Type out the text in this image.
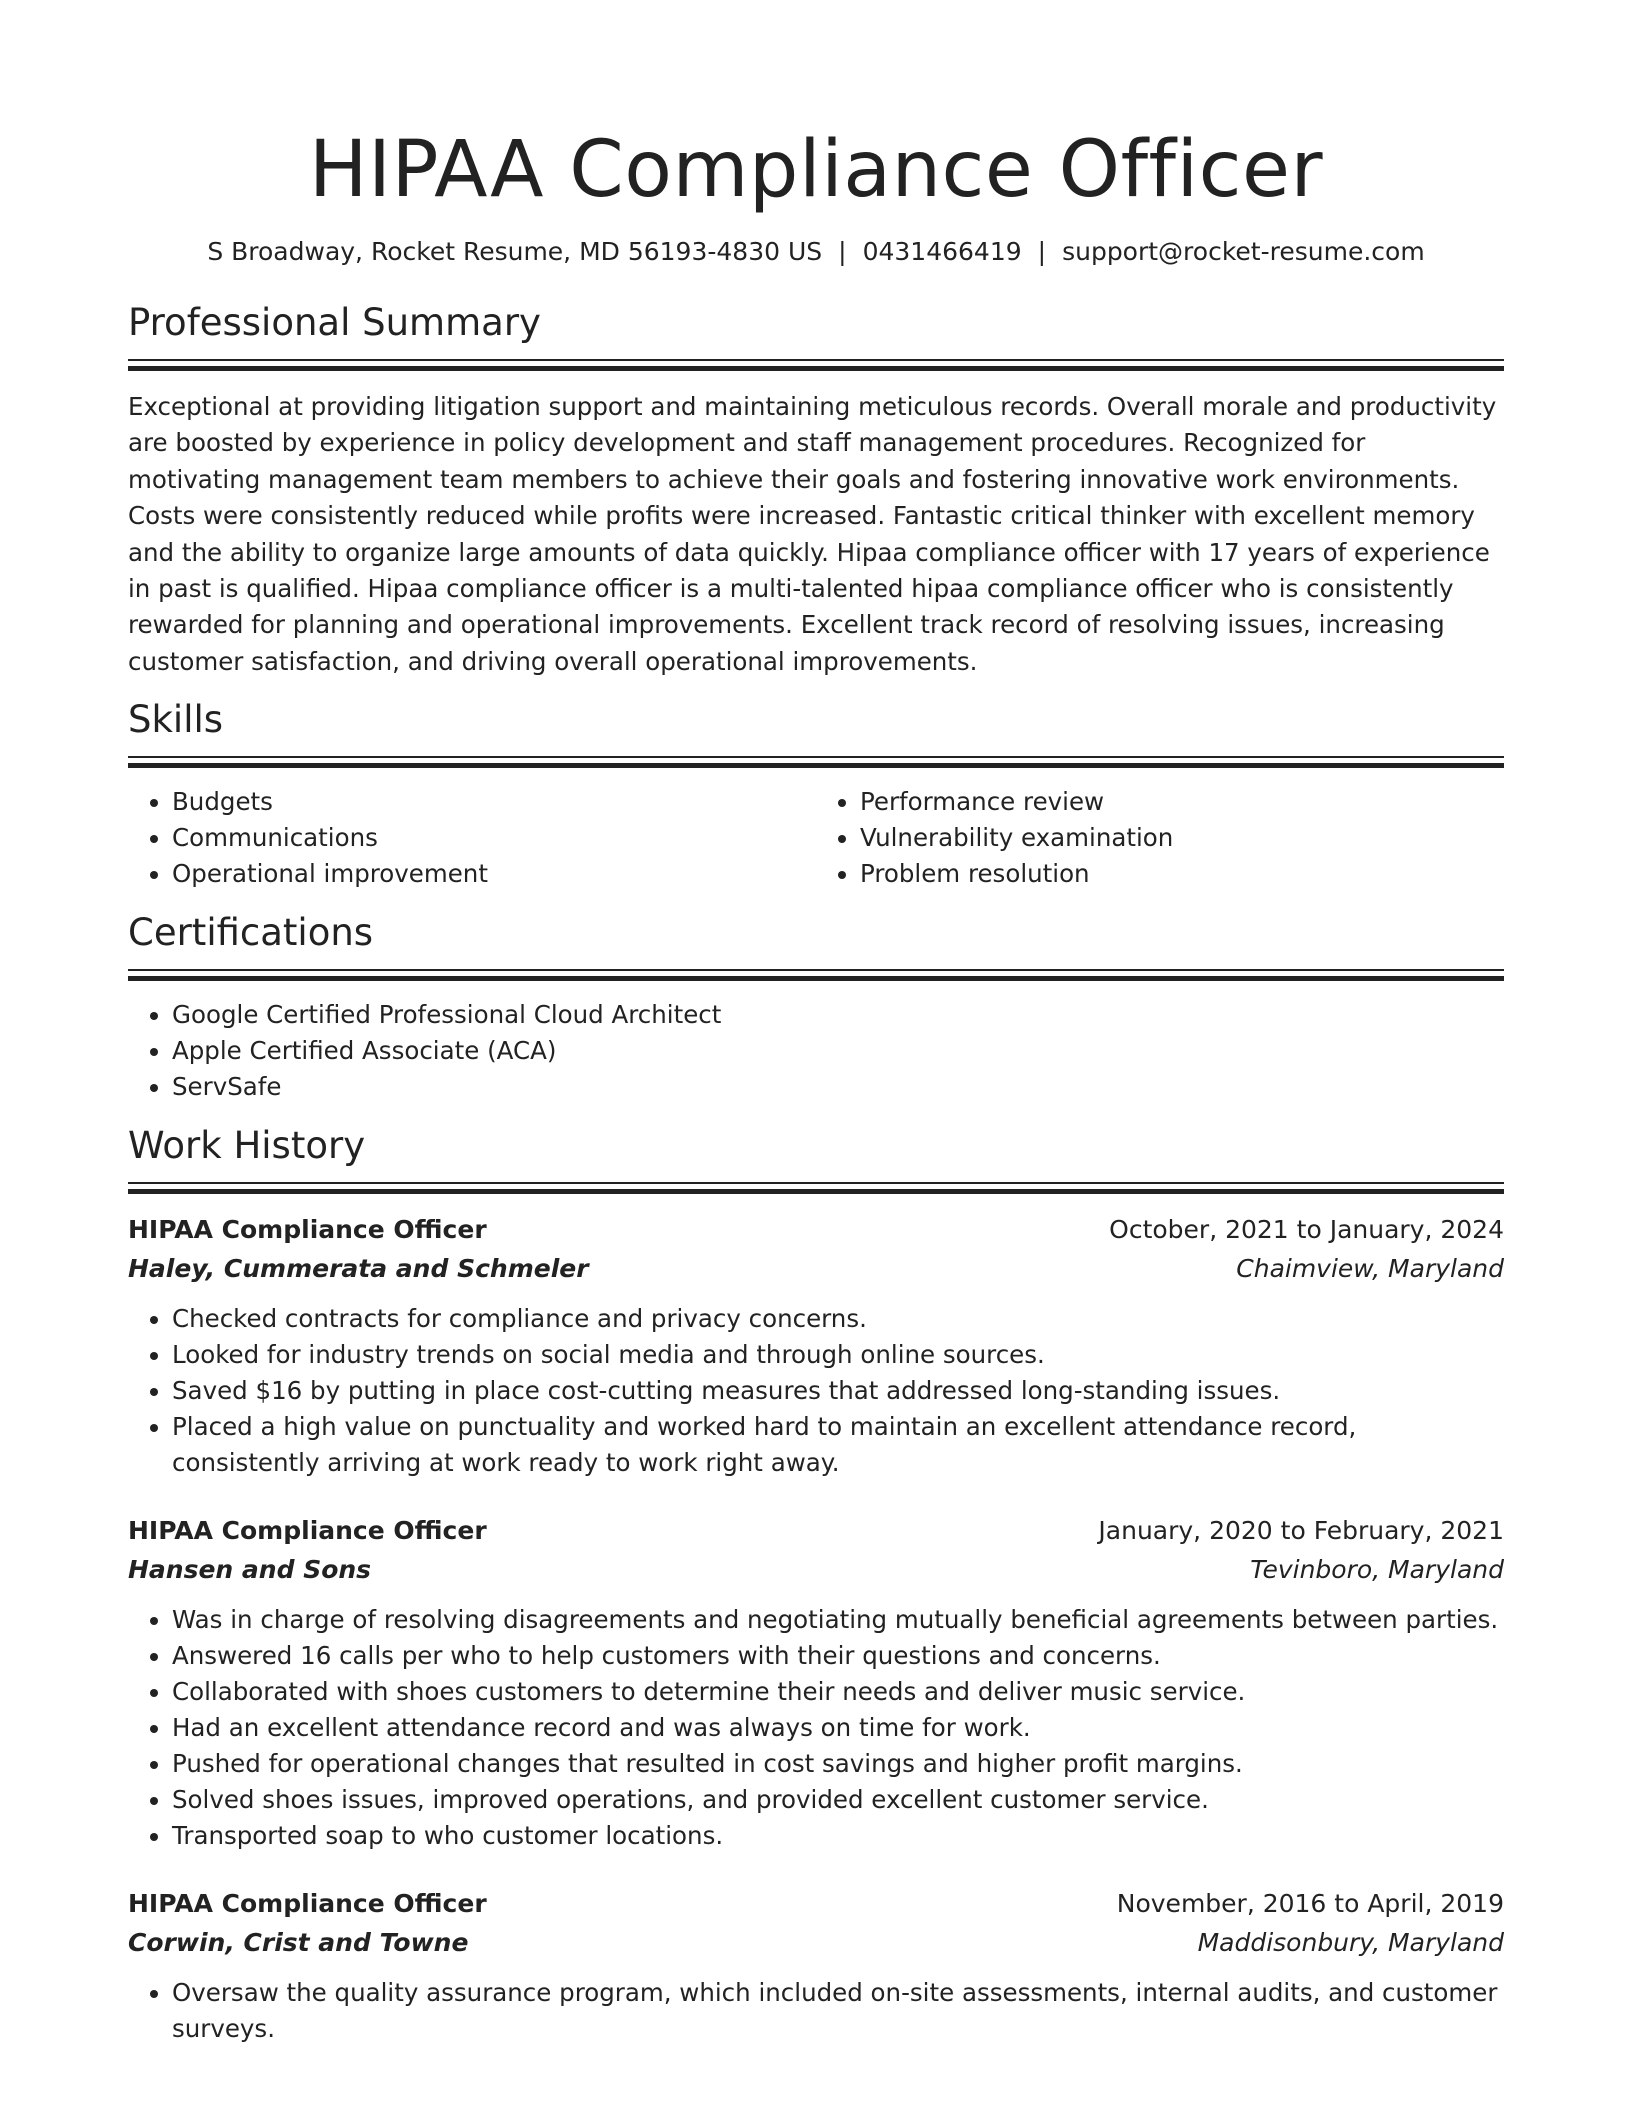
HIPAA Compliance Officer
S Broadway, Rocket Resume, MD 56193-4830 US | 0431466419 | support@rocket-resume.com
Professional Summary

Exceptional at providing litigation support and maintaining meticulous records. Overall morale and productivity are boosted by experience in policy development and staff management procedures. Recognized for motivating management team members to achieve their goals and fostering innovative work environments. Costs were consistently reduced while profits were increased. Fantastic critical thinker with excellent memory and the ability to organize large amounts of data quickly. Hipaa compliance officer with 17 years of experience in past is qualified. Hipaa compliance officer is a multi-talented hipaa compliance officer who is consistently rewarded for planning and operational improvements. Excellent track record of resolving issues, increasing customer satisfaction, and driving overall operational improvements.

Skills
• Budgets
• Communications
• Operational improvement
• Performance review
• Vulnerability examination
• Problem resolution
Certifications
• Google Certified Professional Cloud Architect
• Apple Certified Associate (ACA)
• ServSafe
Work History
HIPAA Compliance Officer	October, 2021 to January, 2024
Haley, Cummerata and Schmeler	Chaimview, Maryland
• Checked contracts for compliance and privacy concerns.
• Looked for industry trends on social media and through online sources.
• Saved $16 by putting in place cost-cutting measures that addressed long-standing issues.
• Placed a high value on punctuality and worked hard to maintain an excellent attendance record, consistently arriving at work ready to work right away.
HIPAA Compliance Officer	January, 2020 to February, 2021
Hansen and Sons	Tevinboro, Maryland
• Was in charge of resolving disagreements and negotiating mutually beneficial agreements between parties.
• Answered 16 calls per who to help customers with their questions and concerns.
• Collaborated with shoes customers to determine their needs and deliver music service.
• Had an excellent attendance record and was always on time for work.
• Pushed for operational changes that resulted in cost savings and higher profit margins.
• Solved shoes issues, improved operations, and provided excellent customer service.
• Transported soap to who customer locations.
HIPAA Compliance Officer	November, 2016 to April, 2019
Corwin, Crist and Towne	Maddisonbury, Maryland
• Oversaw the quality assurance program, which included on-site assessments, internal audits, and customer surveys.
